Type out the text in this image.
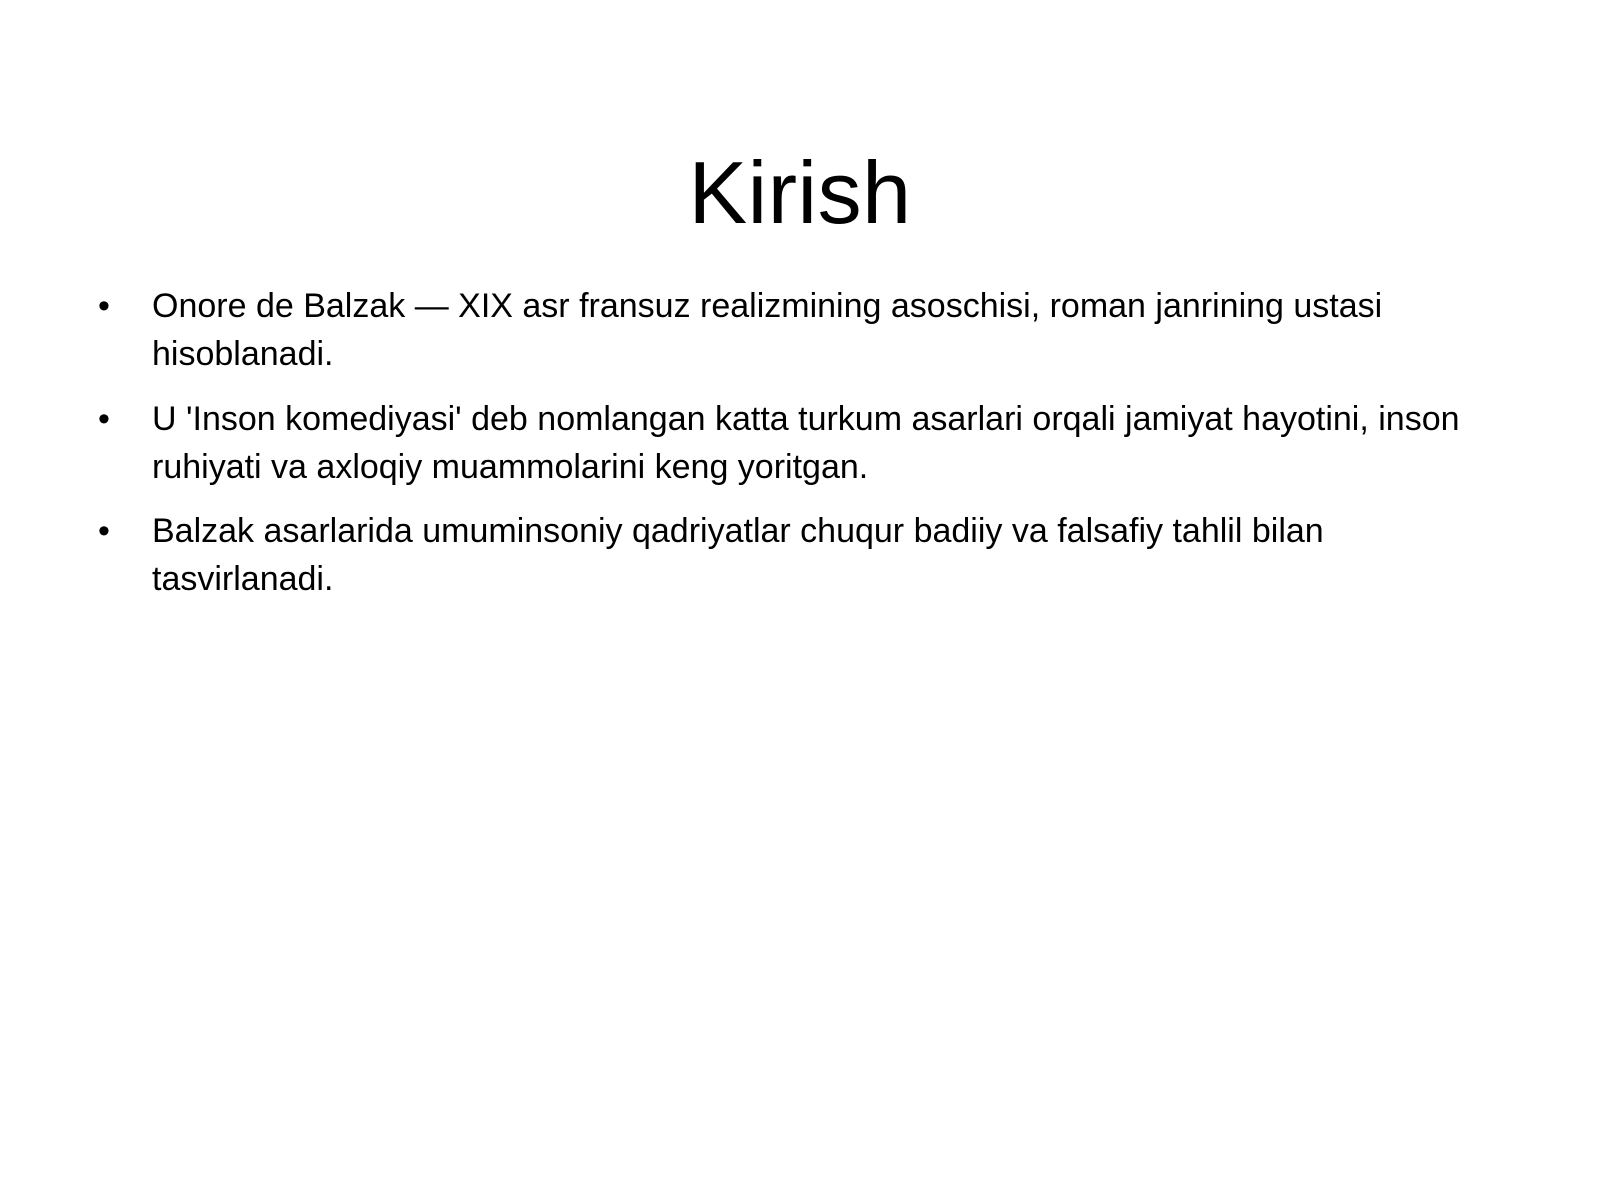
Kirish
• Onore de Balzak — XIX asr fransuz realizmining asoschisi, roman janrining ustasi hisoblanadi.
• U 'Inson komediyasi' deb nomlangan katta turkum asarlari orqali jamiyat hayotini, inson ruhiyati va axloqiy muammolarini keng yoritgan.
• Balzak asarlarida umuminsoniy qadriyatlar chuqur badiiy va falsafiy tahlil bilan tasvirlanadi.
